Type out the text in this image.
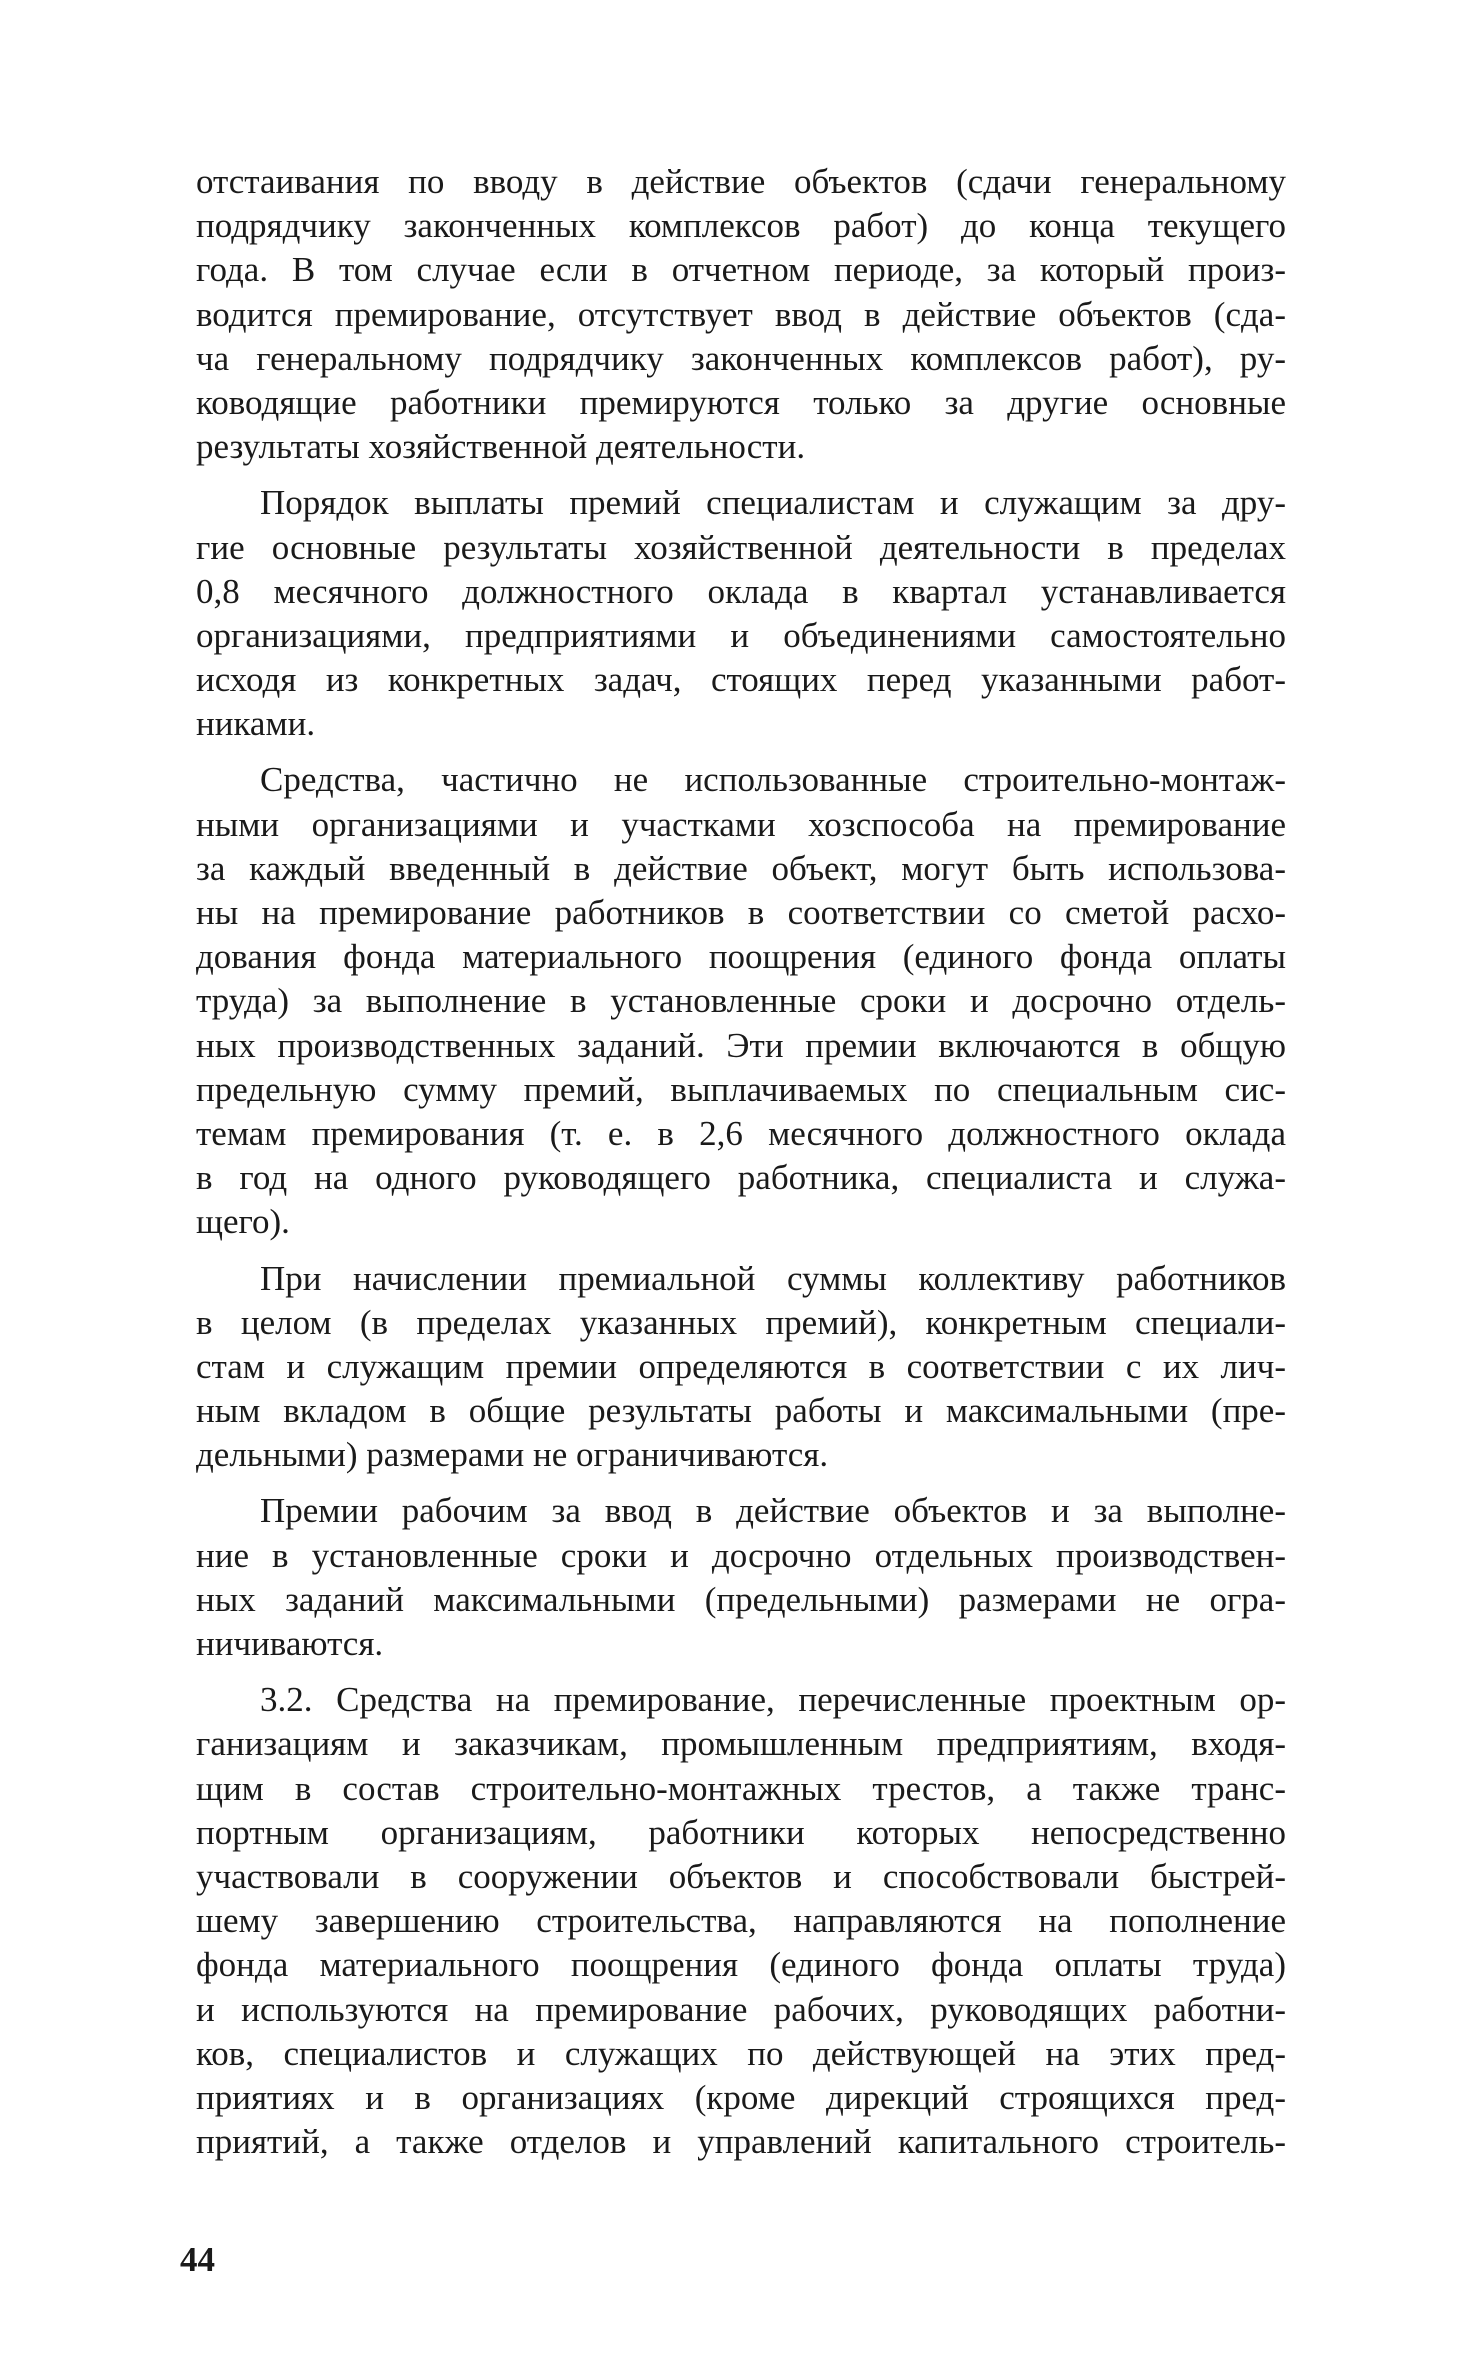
отстаивания по вводу в действие объектов (сдачи генеральному
подрядчику законченных комплексов работ) до конца текущего
года. В том случае если в отчетном периоде, за который произ-
водится премирование, отсутствует ввод в действие объектов (сда-
ча генеральному подрядчику законченных комплексов работ), ру-
ководящие работники премируются только за другие основные
результаты хозяйственной деятельности.
Порядок выплаты премий специалистам и служащим за дру-
гие основные результаты хозяйственной деятельности в пределах
0,8 месячного должностного оклада в квартал устанавливается
организациями, предприятиями и объединениями самостоятельно
исходя из конкретных задач, стоящих перед указанными работ-
никами.
Средства, частично не использованные строительно-монтаж-
ными организациями и участками хозспособа на премирование
за каждый введенный в действие объект, могут быть использова-
ны на премирование работников в соответствии со сметой расхо-
дования фонда материального поощрения (единого фонда оплаты
труда) за выполнение в установленные сроки и досрочно отдель-
ных производственных заданий. Эти премии включаются в общую
предельную сумму премий, выплачиваемых по специальным сис-
темам премирования (т. е. в 2,6 месячного должностного оклада
в год на одного руководящего работника, специалиста и служа-
щего).
При начислении премиальной суммы коллективу работников
в целом (в пределах указанных премий), конкретным специали-
стам и служащим премии определяются в соответствии с их лич-
ным вкладом в общие результаты работы и максимальными (пре-
дельными) размерами не ограничиваются.
Премии рабочим за ввод в действие объектов и за выполне-
ние в установленные сроки и досрочно отдельных производствен-
ных заданий максимальными (предельными) размерами не огра-
ничиваются.
3.2. Средства на премирование, перечисленные проектным ор-
ганизациям и заказчикам, промышленным предприятиям, входя-
щим в состав строительно-монтажных трестов, а также транс-
портным организациям, работники которых непосредственно
участвовали в сооружении объектов и способствовали быстрей-
шему завершению строительства, направляются на пополнение
фонда материального поощрения (единого фонда оплаты труда)
и используются на премирование рабочих, руководящих работни-
ков, специалистов и служащих по действующей на этих пред-
приятиях и в организациях (кроме дирекций строящихся пред-
приятий, а также отделов и управлений капитального строитель-
44
